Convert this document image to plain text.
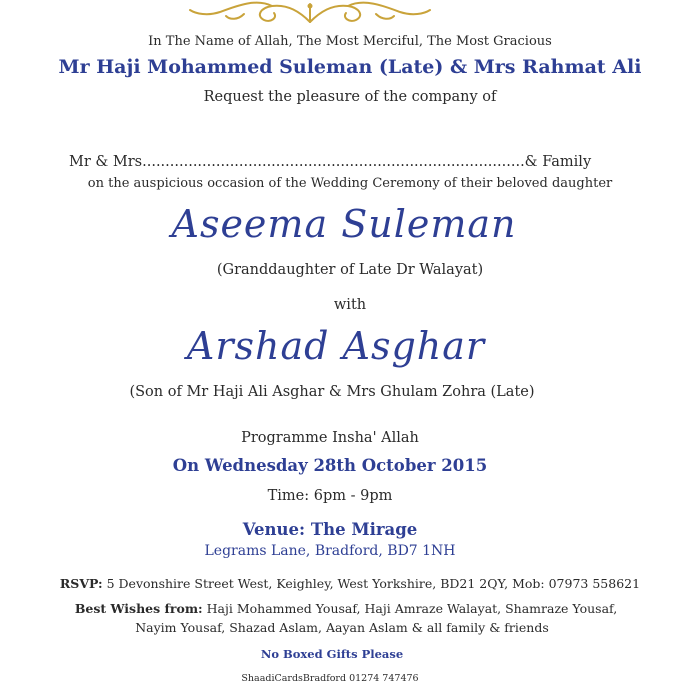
In The Name of Allah, The Most Merciful, The Most Gracious
Mr Haji Mohammed Suleman (Late) & Mrs Rahmat Ali
Request the pleasure of the company of
Mr & Mrs...................................................................................& Family
on the auspicious occasion of the Wedding Ceremony of their beloved daughter
Aseema Suleman
(Granddaughter of Late Dr Walayat)
with
Arshad Asghar
(Son of Mr Haji Ali Asghar & Mrs Ghulam Zohra (Late)
Programme Insha' Allah
On Wednesday 28th October 2015
Time: 6pm - 9pm
Venue: The Mirage
Legrams Lane, Bradford, BD7 1NH
RSVP: 5 Devonshire Street West, Keighley, West Yorkshire, BD21 2QY, Mob: 07973 558621
Best Wishes from: Haji Mohammed Yousaf, Haji Amraze Walayat, Shamraze Yousaf,
Nayim Yousaf, Shazad Aslam, Aayan Aslam & all family & friends
No Boxed Gifts Please
ShaadiCardsBradford 01274 747476
